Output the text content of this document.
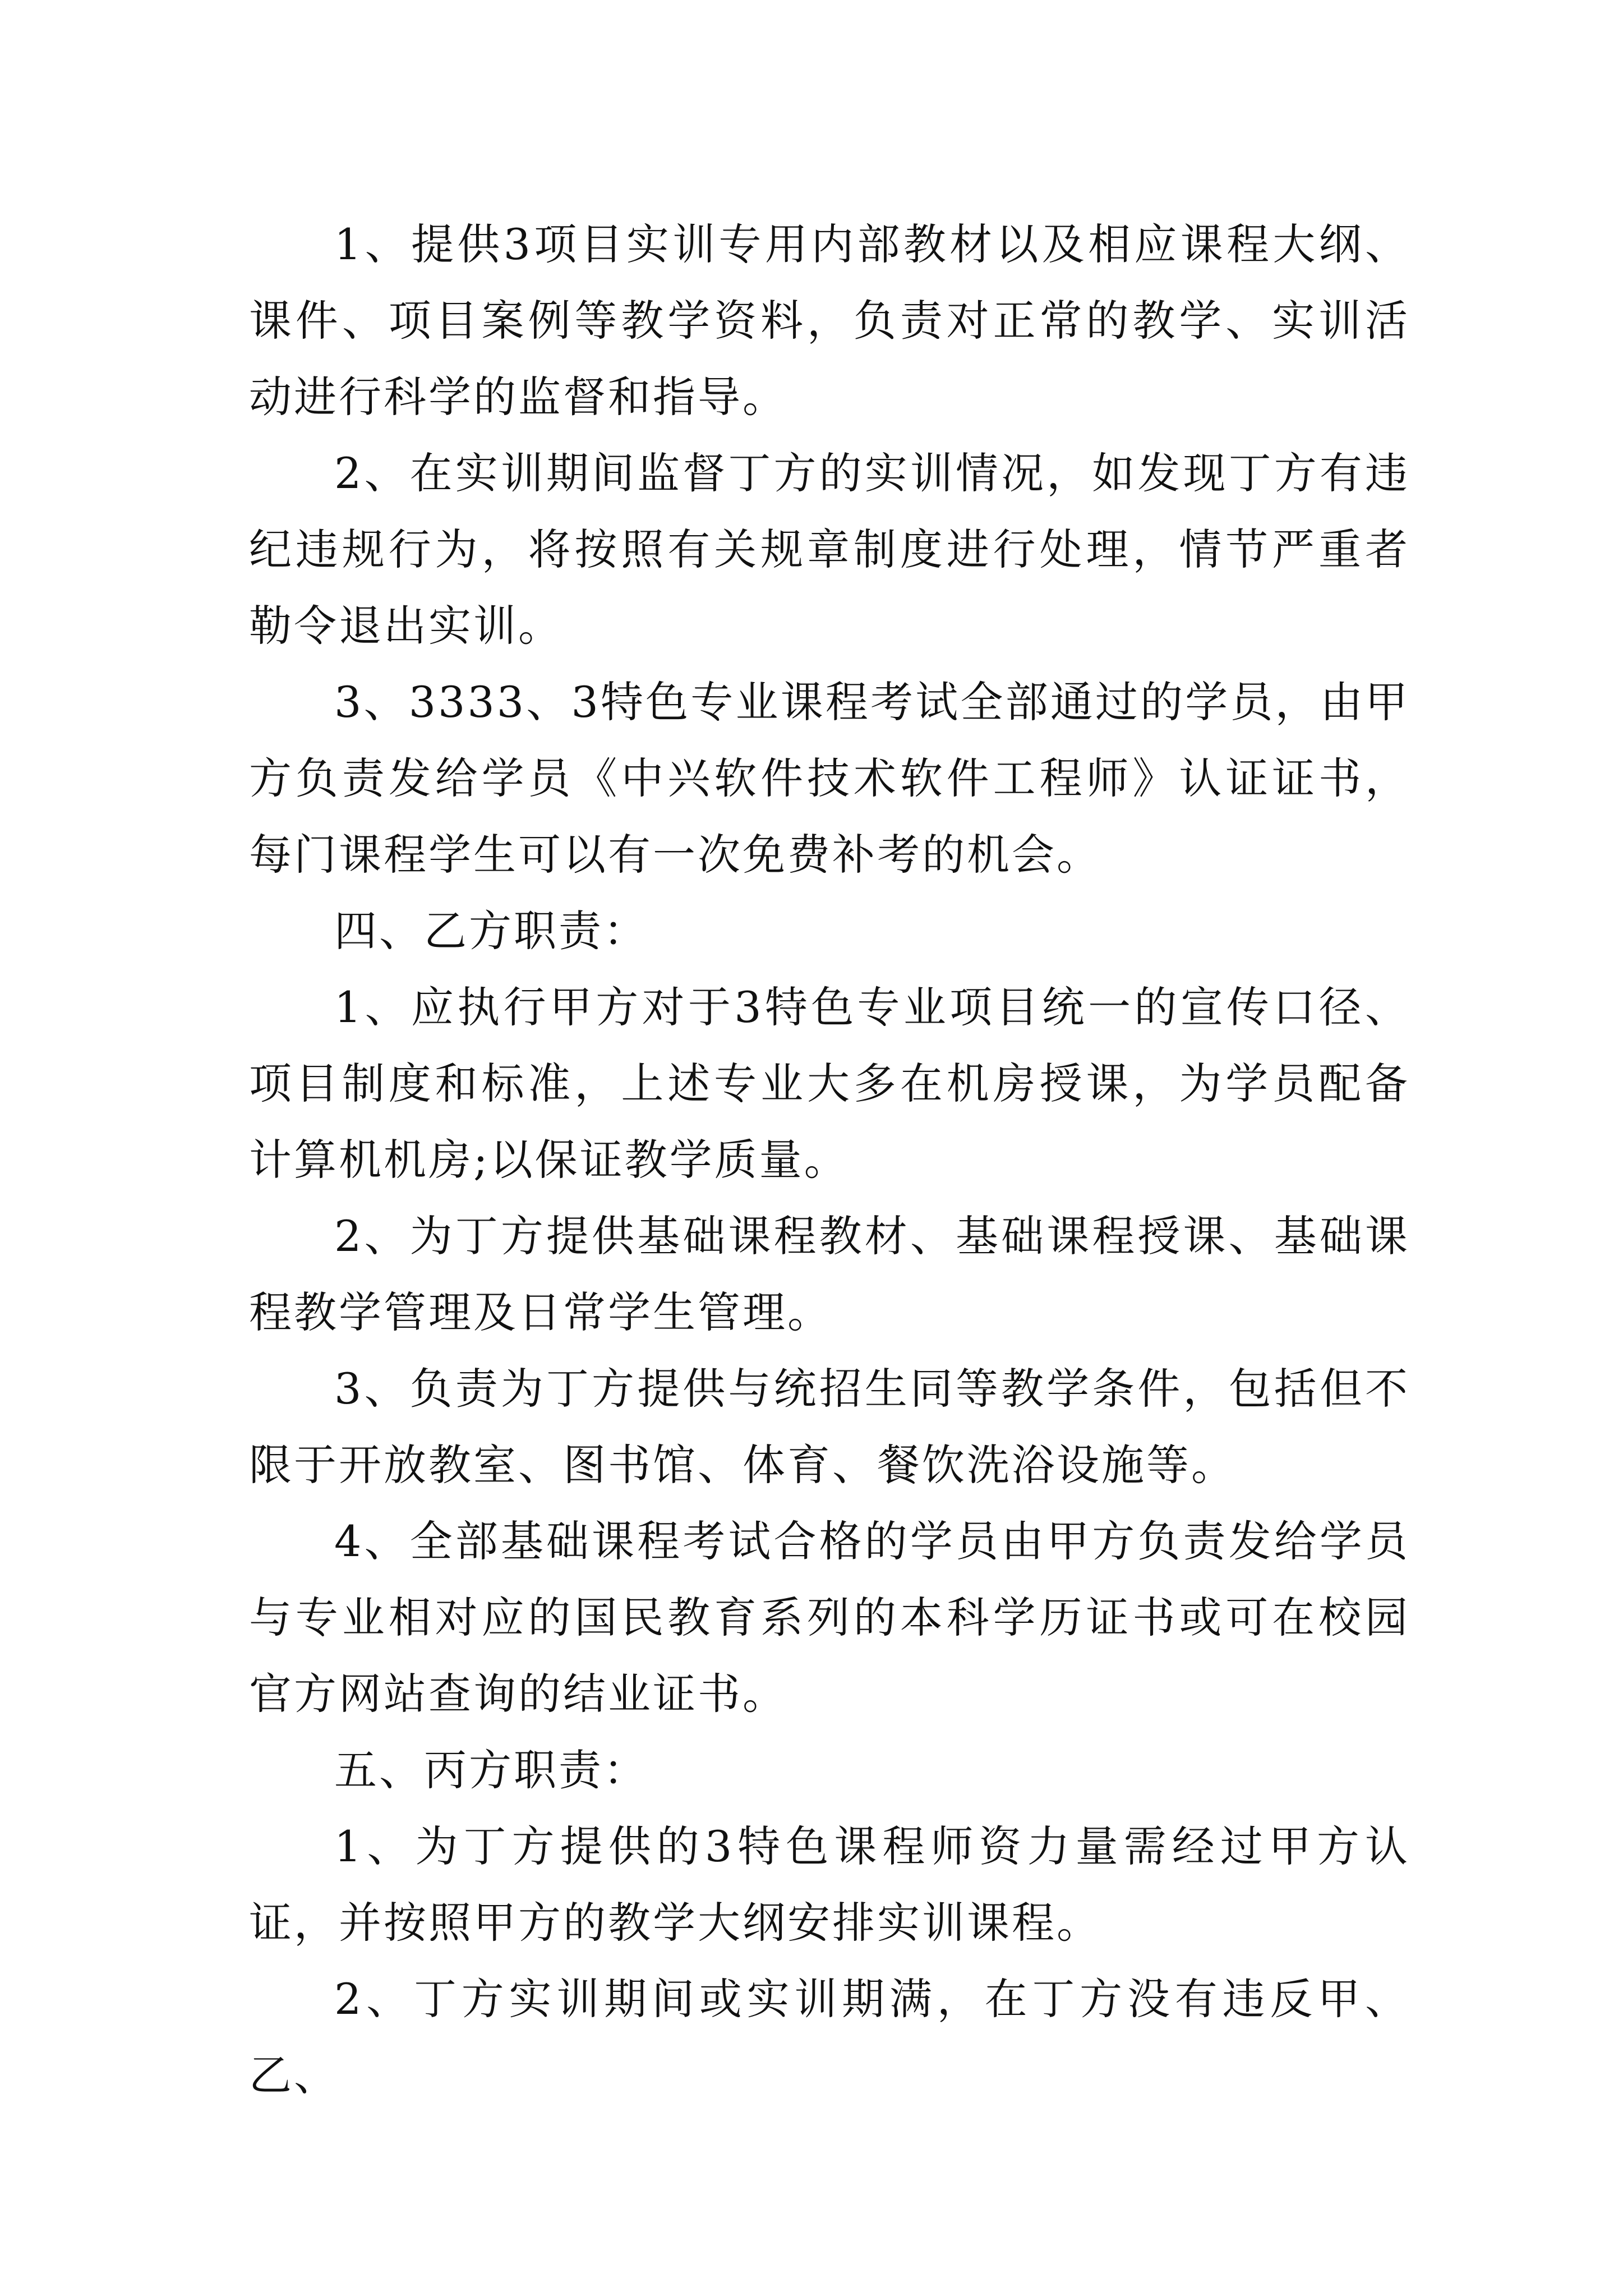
1、提供3项目实训专用内部教材以及相应课程大纲、课件、项目案例等教学资料，负责对正常的教学、实训活动进行科学的监督和指导。

2、在实训期间监督丁方的实训情况，如发现丁方有违纪违规行为，将按照有关规章制度进行处理，情节严重者勒令退出实训。

3、3333、3特色专业课程考试全部通过的学员，由甲方负责发给学员《中兴软件技术软件工程师》认证证书，每门课程学生可以有一次免费补考的机会。

四、乙方职责：

1、应执行甲方对于3特色专业项目统一的宣传口径、项目制度和标准，上述专业大多在机房授课，为学员配备计算机机房;以保证教学质量。

2、为丁方提供基础课程教材、基础课程授课、基础课程教学管理及日常学生管理。

3、负责为丁方提供与统招生同等教学条件，包括但不限于开放教室、图书馆、体育、餐饮洗浴设施等。

4、全部基础课程考试合格的学员由甲方负责发给学员与专业相对应的国民教育系列的本科学历证书或可在校园官方网站查询的结业证书。

五、丙方职责：

1、为丁方提供的3特色课程师资力量需经过甲方认证，并按照甲方的教学大纲安排实训课程。

2、丁方实训期间或实训期满，在丁方没有违反甲、乙、
